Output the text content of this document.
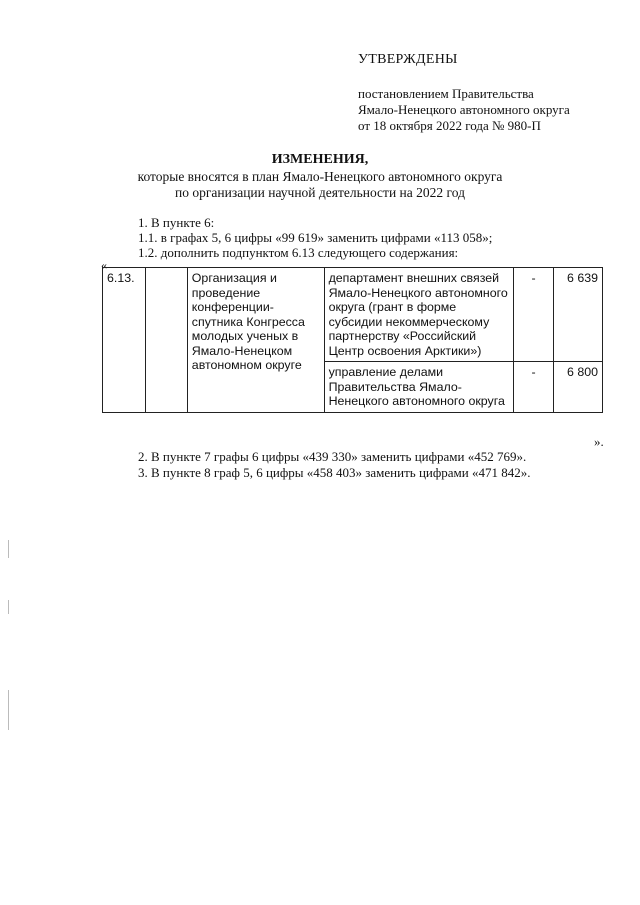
УТВЕРЖДЕНЫ
постановлением Правительства
Ямало-Ненецкого автономного округа
от 18 октября 2022 года № 980-П
ИЗМЕНЕНИЯ,
которые вносятся в план Ямало-Ненецкого автономного округа
по организации научной деятельности на 2022 год
1. В пункте 6:
1.1. в графах 5, 6 цифры «99 619» заменить цифрами «113 058»;
1.2. дополнить подпунктом 6.13 следующего содержания:
«
6.13.		Организация и проведение конференции-спутника Конгресса молодых ученых в Ямало-Ненецком автономном округе	департамент внешних связей Ямало-Ненецкого автономного округа (грант в форме субсидии некоммерческому партнерству «Российский Центр освоения Арктики»)	-	6 639
			управление делами Правительства Ямало-Ненецкого автономного округа	-	6 800
».
2. В пункте 7 графы 6 цифры «439 330» заменить цифрами «452 769».
3. В пункте 8 граф 5, 6 цифры «458 403» заменить цифрами «471 842».
